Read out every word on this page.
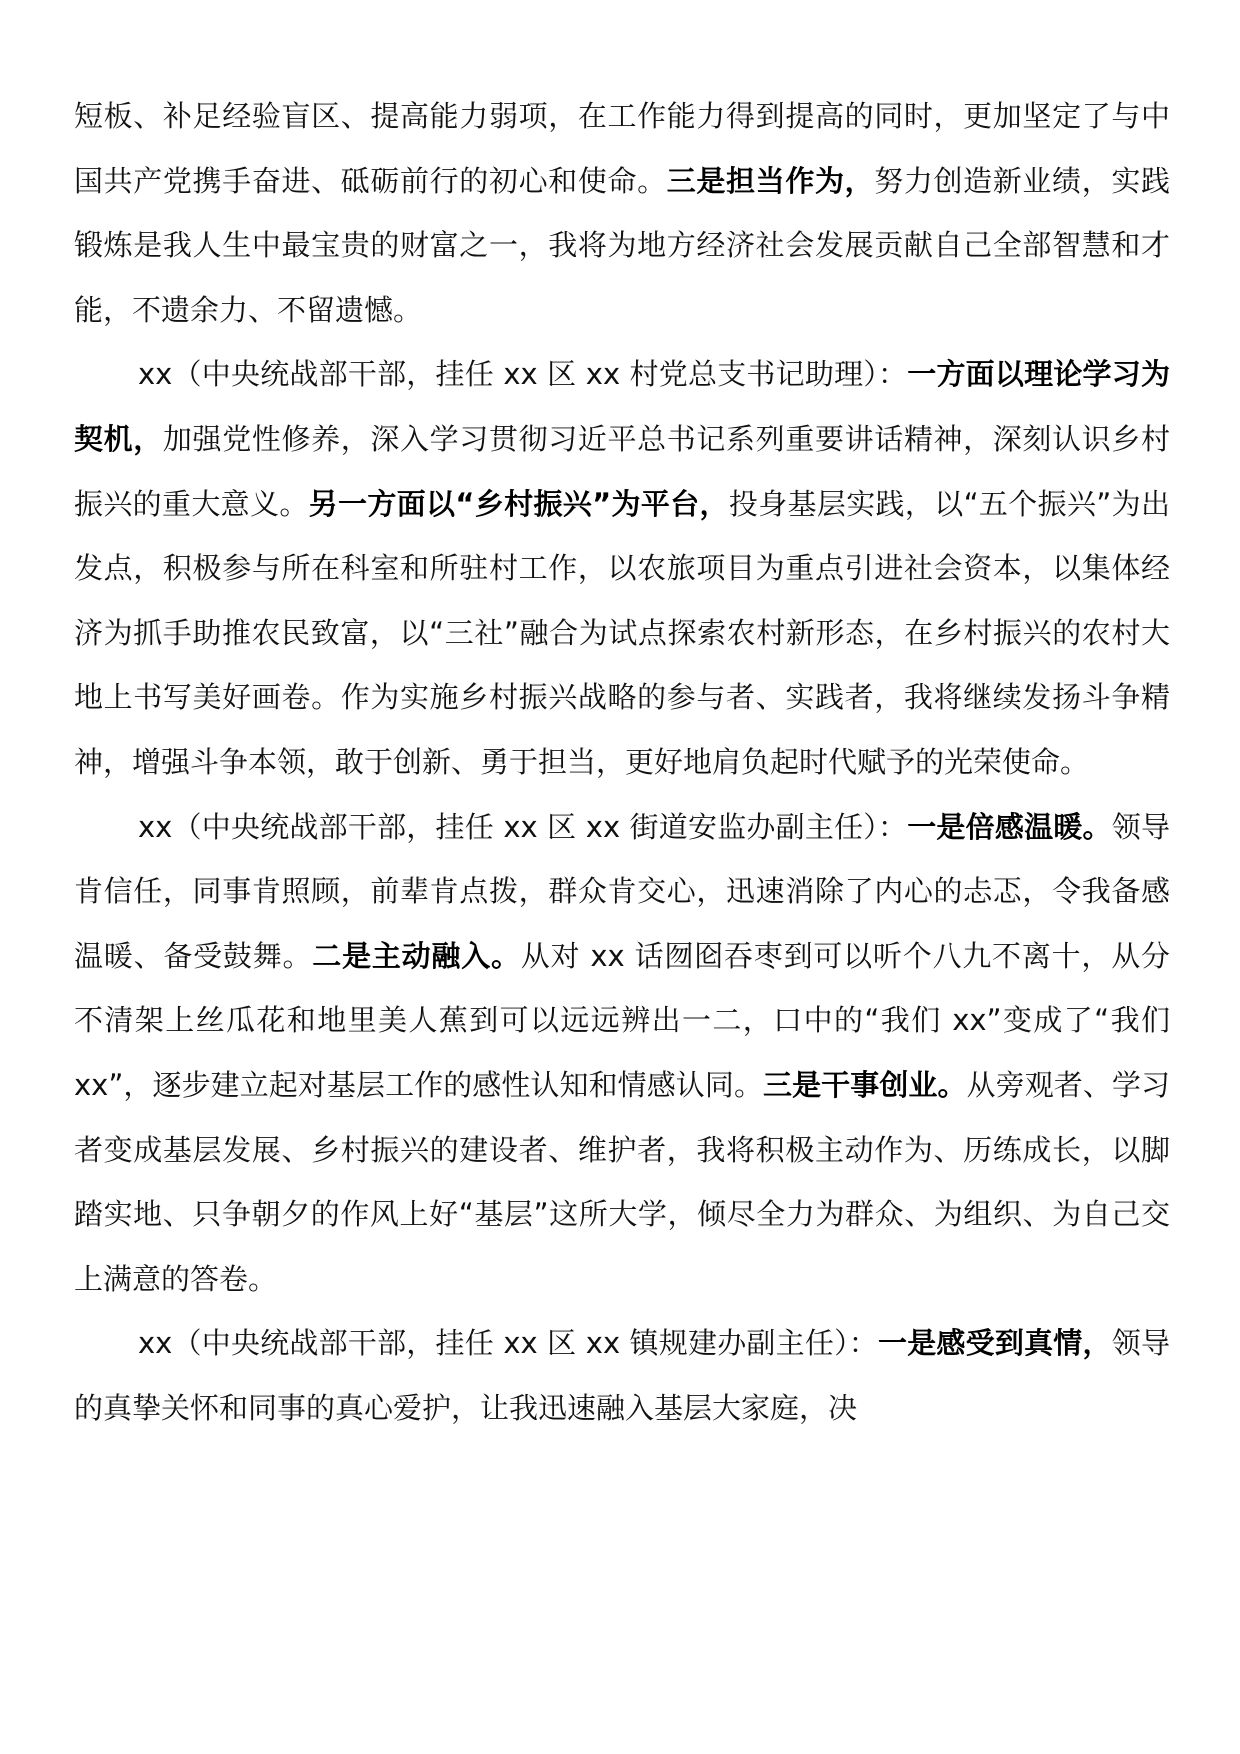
短板、补足经验盲区、提高能力弱项，在工作能力得到提高的同时，更加坚定了与中国共产党携手奋进、砥砺前行的初心和使命。三是担当作为，努力创造新业绩，实践锻炼是我人生中最宝贵的财富之一，我将为地方经济社会发展贡献自己全部智慧和才能，不遗余力、不留遗憾。

xx（中央统战部干部，挂任 xx 区 xx 村党总支书记助理）：一方面以理论学习为契机，加强党性修养，深入学习贯彻习近平总书记系列重要讲话精神，深刻认识乡村振兴的重大意义。另一方面以“乡村振兴”为平台，投身基层实践，以“五个振兴”为出发点，积极参与所在科室和所驻村工作，以农旅项目为重点引进社会资本，以集体经济为抓手助推农民致富，以“三社”融合为试点探索农村新形态，在乡村振兴的农村大地上书写美好画卷。作为实施乡村振兴战略的参与者、实践者，我将继续发扬斗争精神，增强斗争本领，敢于创新、勇于担当，更好地肩负起时代赋予的光荣使命。

xx（中央统战部干部，挂任 xx 区 xx 街道安监办副主任）：一是倍感温暖。领导肯信任，同事肯照顾，前辈肯点拨，群众肯交心，迅速消除了内心的忐忑，令我备感温暖、备受鼓舞。二是主动融入。从对 xx 话囫囵吞枣到可以听个八九不离十，从分不清架上丝瓜花和地里美人蕉到可以远远辨出一二，口中的“我们 xx”变成了“我们 xx”，逐步建立起对基层工作的感性认知和情感认同。三是干事创业。从旁观者、学习者变成基层发展、乡村振兴的建设者、维护者，我将积极主动作为、历练成长，以脚踏实地、只争朝夕的作风上好“基层”这所大学，倾尽全力为群众、为组织、为自己交上满意的答卷。

xx（中央统战部干部，挂任 xx 区 xx 镇规建办副主任）：一是感受到真情，领导的真挚关怀和同事的真心爱护，让我迅速融入基层大家庭，决
